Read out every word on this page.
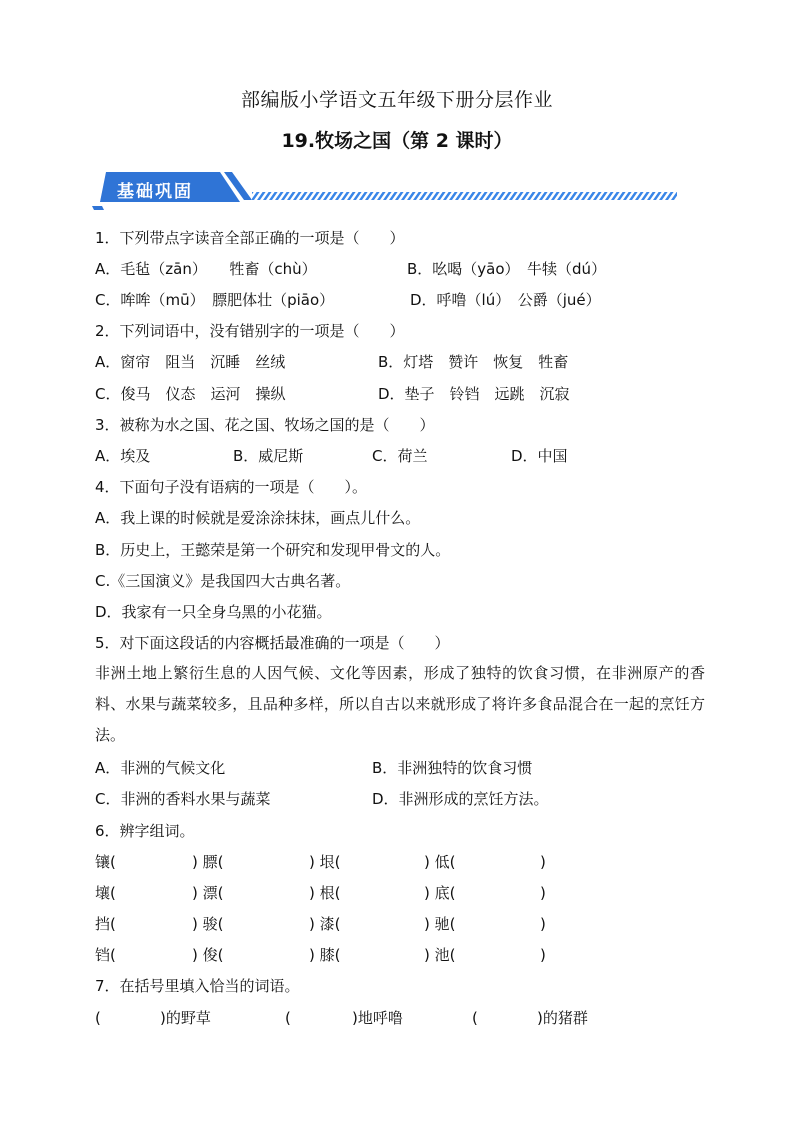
部编版小学语文五年级下册分层作业
19.牧场之国（第 2 课时）
基础巩固
1．下列带点字读音全部正确的一项是（　　）
A．毛毡（zān）　　牲畜（chù）	B．吆喝（yāo）　牛犊（dú）
C．哞哞（mū）　膘肥体壮（piāo）	D．呼噜（lú）　公爵（jué）
2．下列词语中，没有错别字的一项是（　　）
A．窗帘　阻当　沉睡　丝绒	B．灯塔　赞许　恢复　牲畜
C．俊马　仪态　运河　操纵	D．垫子　铃铛　远跳　沉寂
3．被称为水之国、花之国、牧场之国的是（　　）
A．埃及	B．威尼斯	C．荷兰	D．中国
4．下面句子没有语病的一项是（　　）。
A．我上课的时候就是爱涂涂抹抹，画点儿什么。
B．历史上，王懿荣是第一个研究和发现甲骨文的人。
C.《三国演义》是我国四大古典名著。
D．我家有一只全身乌黑的小花猫。
5．对下面这段话的内容概括最准确的一项是（　　）
非洲土地上繁衍生息的人因气候、文化等因素，形成了独特的饮食习惯，在非洲原产的香料、水果与蔬菜较多，且品种多样，所以自古以来就形成了将许多食品混合在一起的烹饪方法。
A．非洲的气候文化	B．非洲独特的饮食习惯
C．非洲的香料水果与蔬菜	D．非洲形成的烹饪方法。
6．辨字组词。
镶(	) 膘(	) 垠(	) 低(	)
壤(	) 漂(	) 根(	) 底(	)
挡(	) 骏(	) 漆(	) 驰(	)
铛(	) 俊(	) 膝(	) 池(	)
7．在括号里填入恰当的词语。
(	)的野草	(	)地呼噜	(	)的猪群
